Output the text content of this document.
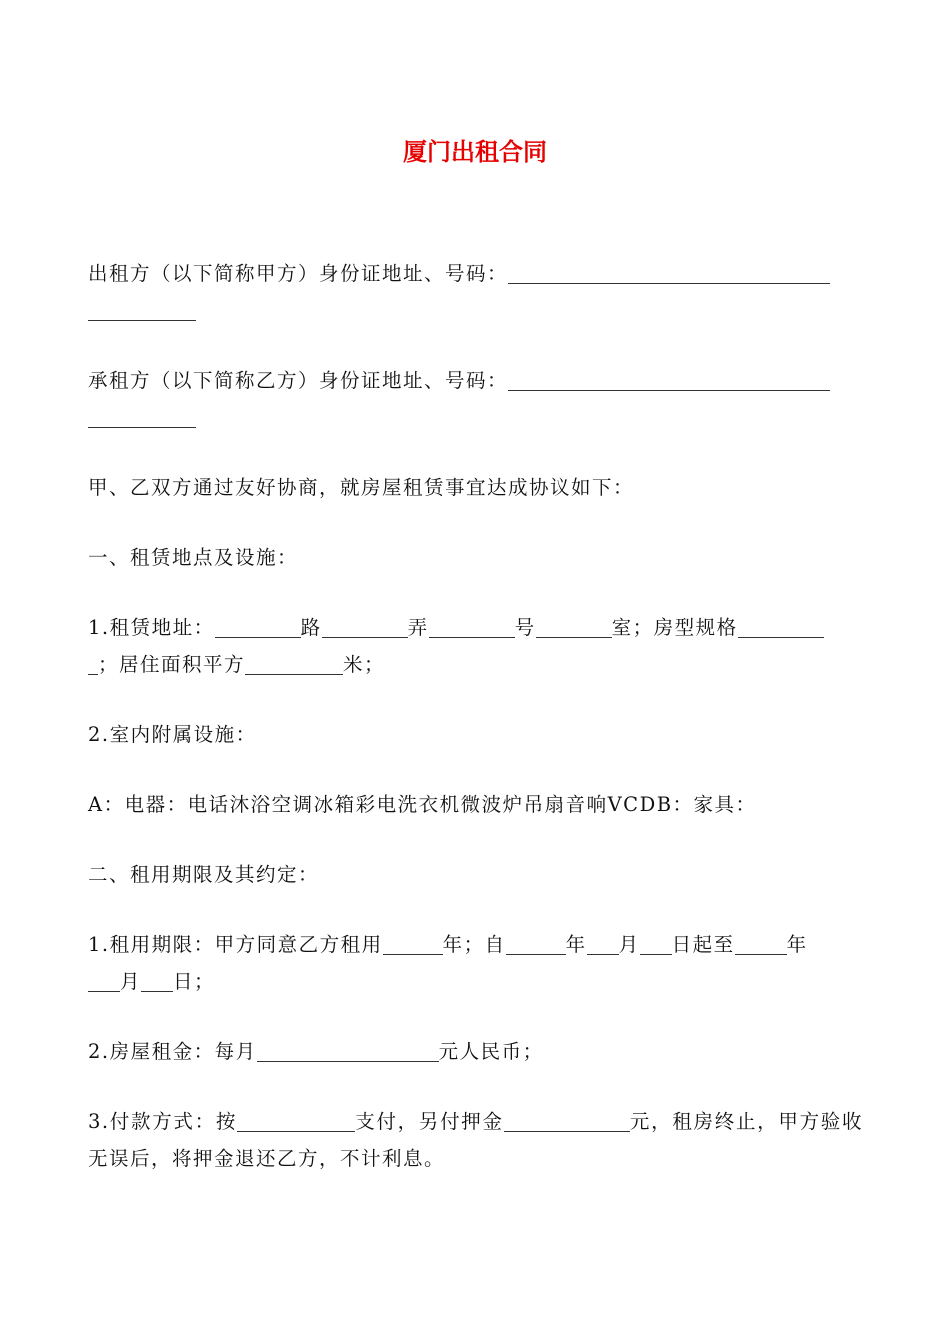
厦门出租合同

出租方（以下简称甲方）身份证地址、号码：

承租方（以下简称乙方）身份证地址、号码：

甲、乙双方通过友好协商，就房屋租赁事宜达成协议如下：

一、租赁地点及设施：

1.租赁地址：	路	弄	号	室；房型规格
；居住面积平方	米；

2.室内附属设施：

A：电器：电话沐浴空调冰箱彩电洗衣机微波炉吊扇音响VCDB：家具：

二、租用期限及其约定：

1.租用期限：甲方同意乙方租用	年；自	年 月 日起至	年
月 日；

2.房屋租金：每月	元人民币；

3.付款方式：按	支付，另付押金	元，租房终止，甲方验收无误后，将押金退还乙方，不计利息。
